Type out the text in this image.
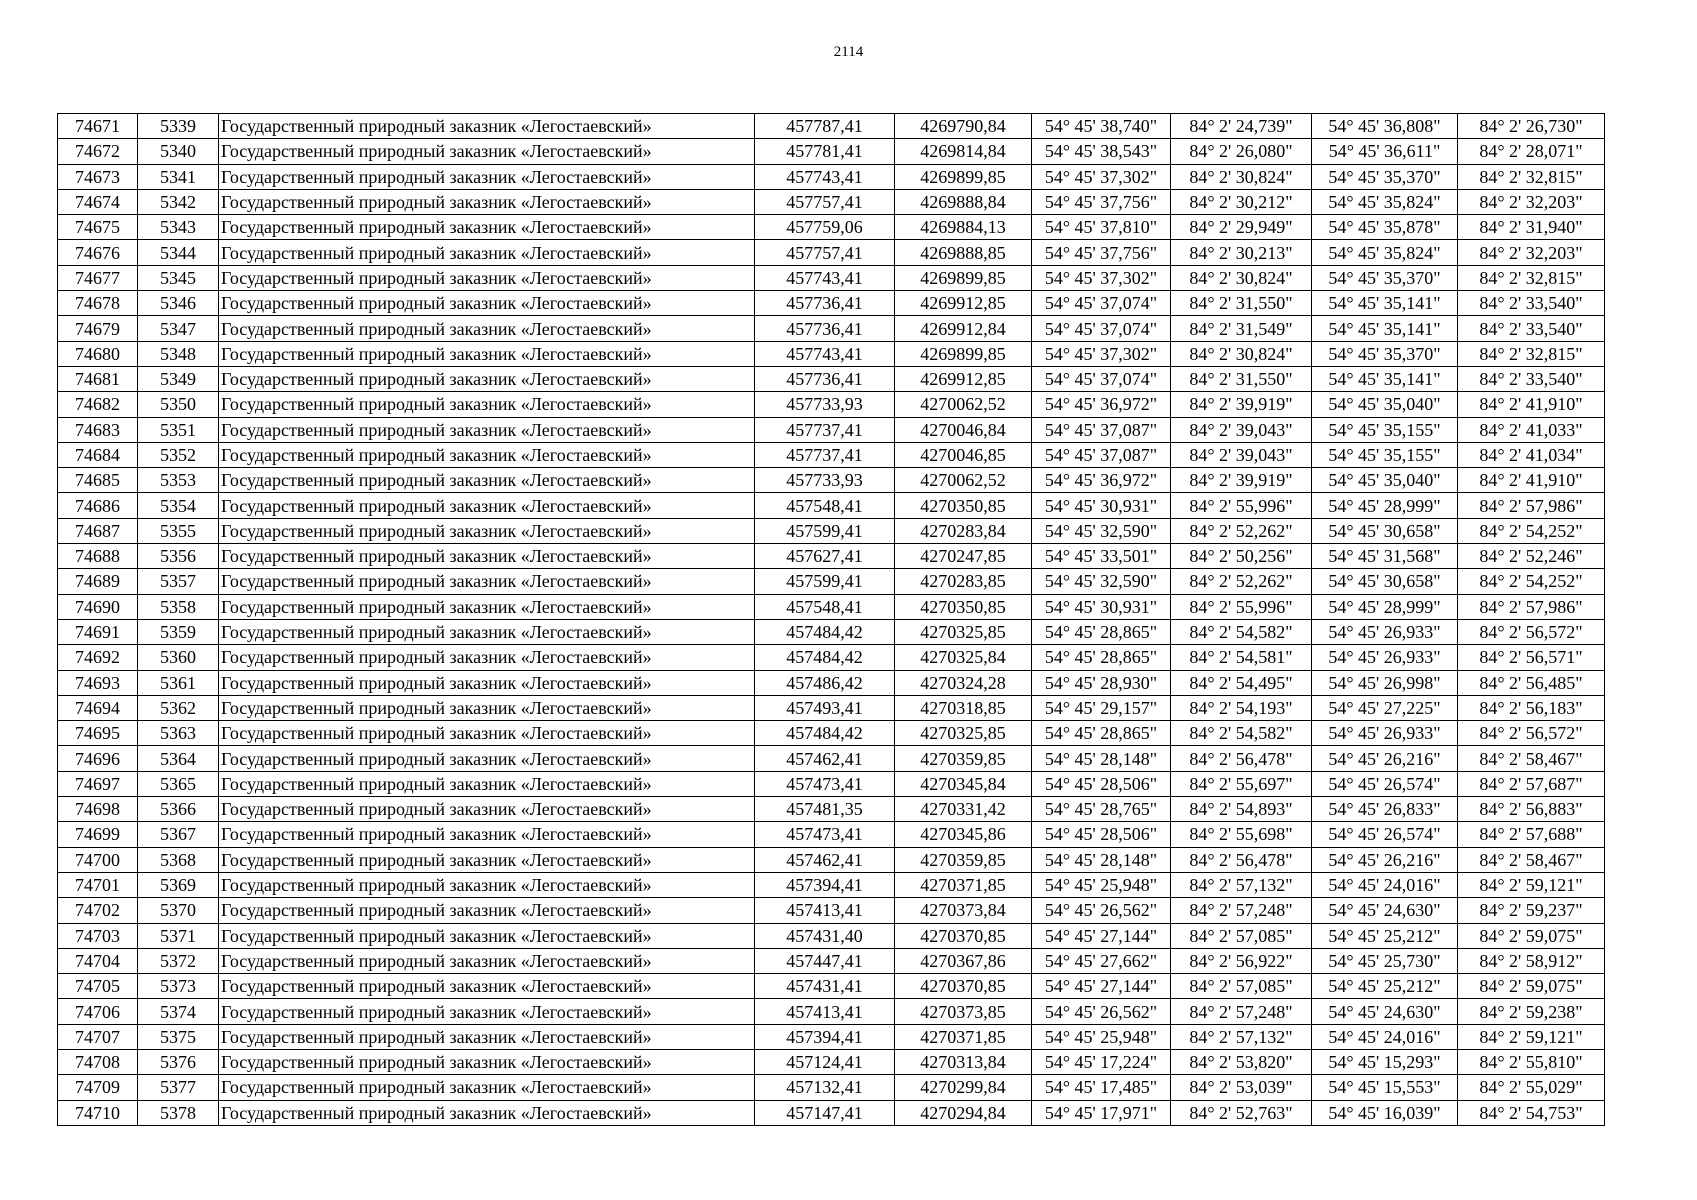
2114
74671	5339	Государственный природный заказник «Легостаевский»	457787,41	4269790,84	54° 45' 38,740"	84° 2' 24,739"	54° 45' 36,808"	84° 2' 26,730"
74672	5340	Государственный природный заказник «Легостаевский»	457781,41	4269814,84	54° 45' 38,543"	84° 2' 26,080"	54° 45' 36,611"	84° 2' 28,071"
74673	5341	Государственный природный заказник «Легостаевский»	457743,41	4269899,85	54° 45' 37,302"	84° 2' 30,824"	54° 45' 35,370"	84° 2' 32,815"
74674	5342	Государственный природный заказник «Легостаевский»	457757,41	4269888,84	54° 45' 37,756"	84° 2' 30,212"	54° 45' 35,824"	84° 2' 32,203"
74675	5343	Государственный природный заказник «Легостаевский»	457759,06	4269884,13	54° 45' 37,810"	84° 2' 29,949"	54° 45' 35,878"	84° 2' 31,940"
74676	5344	Государственный природный заказник «Легостаевский»	457757,41	4269888,85	54° 45' 37,756"	84° 2' 30,213"	54° 45' 35,824"	84° 2' 32,203"
74677	5345	Государственный природный заказник «Легостаевский»	457743,41	4269899,85	54° 45' 37,302"	84° 2' 30,824"	54° 45' 35,370"	84° 2' 32,815"
74678	5346	Государственный природный заказник «Легостаевский»	457736,41	4269912,85	54° 45' 37,074"	84° 2' 31,550"	54° 45' 35,141"	84° 2' 33,540"
74679	5347	Государственный природный заказник «Легостаевский»	457736,41	4269912,84	54° 45' 37,074"	84° 2' 31,549"	54° 45' 35,141"	84° 2' 33,540"
74680	5348	Государственный природный заказник «Легостаевский»	457743,41	4269899,85	54° 45' 37,302"	84° 2' 30,824"	54° 45' 35,370"	84° 2' 32,815"
74681	5349	Государственный природный заказник «Легостаевский»	457736,41	4269912,85	54° 45' 37,074"	84° 2' 31,550"	54° 45' 35,141"	84° 2' 33,540"
74682	5350	Государственный природный заказник «Легостаевский»	457733,93	4270062,52	54° 45' 36,972"	84° 2' 39,919"	54° 45' 35,040"	84° 2' 41,910"
74683	5351	Государственный природный заказник «Легостаевский»	457737,41	4270046,84	54° 45' 37,087"	84° 2' 39,043"	54° 45' 35,155"	84° 2' 41,033"
74684	5352	Государственный природный заказник «Легостаевский»	457737,41	4270046,85	54° 45' 37,087"	84° 2' 39,043"	54° 45' 35,155"	84° 2' 41,034"
74685	5353	Государственный природный заказник «Легостаевский»	457733,93	4270062,52	54° 45' 36,972"	84° 2' 39,919"	54° 45' 35,040"	84° 2' 41,910"
74686	5354	Государственный природный заказник «Легостаевский»	457548,41	4270350,85	54° 45' 30,931"	84° 2' 55,996"	54° 45' 28,999"	84° 2' 57,986"
74687	5355	Государственный природный заказник «Легостаевский»	457599,41	4270283,84	54° 45' 32,590"	84° 2' 52,262"	54° 45' 30,658"	84° 2' 54,252"
74688	5356	Государственный природный заказник «Легостаевский»	457627,41	4270247,85	54° 45' 33,501"	84° 2' 50,256"	54° 45' 31,568"	84° 2' 52,246"
74689	5357	Государственный природный заказник «Легостаевский»	457599,41	4270283,85	54° 45' 32,590"	84° 2' 52,262"	54° 45' 30,658"	84° 2' 54,252"
74690	5358	Государственный природный заказник «Легостаевский»	457548,41	4270350,85	54° 45' 30,931"	84° 2' 55,996"	54° 45' 28,999"	84° 2' 57,986"
74691	5359	Государственный природный заказник «Легостаевский»	457484,42	4270325,85	54° 45' 28,865"	84° 2' 54,582"	54° 45' 26,933"	84° 2' 56,572"
74692	5360	Государственный природный заказник «Легостаевский»	457484,42	4270325,84	54° 45' 28,865"	84° 2' 54,581"	54° 45' 26,933"	84° 2' 56,571"
74693	5361	Государственный природный заказник «Легостаевский»	457486,42	4270324,28	54° 45' 28,930"	84° 2' 54,495"	54° 45' 26,998"	84° 2' 56,485"
74694	5362	Государственный природный заказник «Легостаевский»	457493,41	4270318,85	54° 45' 29,157"	84° 2' 54,193"	54° 45' 27,225"	84° 2' 56,183"
74695	5363	Государственный природный заказник «Легостаевский»	457484,42	4270325,85	54° 45' 28,865"	84° 2' 54,582"	54° 45' 26,933"	84° 2' 56,572"
74696	5364	Государственный природный заказник «Легостаевский»	457462,41	4270359,85	54° 45' 28,148"	84° 2' 56,478"	54° 45' 26,216"	84° 2' 58,467"
74697	5365	Государственный природный заказник «Легостаевский»	457473,41	4270345,84	54° 45' 28,506"	84° 2' 55,697"	54° 45' 26,574"	84° 2' 57,687"
74698	5366	Государственный природный заказник «Легостаевский»	457481,35	4270331,42	54° 45' 28,765"	84° 2' 54,893"	54° 45' 26,833"	84° 2' 56,883"
74699	5367	Государственный природный заказник «Легостаевский»	457473,41	4270345,86	54° 45' 28,506"	84° 2' 55,698"	54° 45' 26,574"	84° 2' 57,688"
74700	5368	Государственный природный заказник «Легостаевский»	457462,41	4270359,85	54° 45' 28,148"	84° 2' 56,478"	54° 45' 26,216"	84° 2' 58,467"
74701	5369	Государственный природный заказник «Легостаевский»	457394,41	4270371,85	54° 45' 25,948"	84° 2' 57,132"	54° 45' 24,016"	84° 2' 59,121"
74702	5370	Государственный природный заказник «Легостаевский»	457413,41	4270373,84	54° 45' 26,562"	84° 2' 57,248"	54° 45' 24,630"	84° 2' 59,237"
74703	5371	Государственный природный заказник «Легостаевский»	457431,40	4270370,85	54° 45' 27,144"	84° 2' 57,085"	54° 45' 25,212"	84° 2' 59,075"
74704	5372	Государственный природный заказник «Легостаевский»	457447,41	4270367,86	54° 45' 27,662"	84° 2' 56,922"	54° 45' 25,730"	84° 2' 58,912"
74705	5373	Государственный природный заказник «Легостаевский»	457431,41	4270370,85	54° 45' 27,144"	84° 2' 57,085"	54° 45' 25,212"	84° 2' 59,075"
74706	5374	Государственный природный заказник «Легостаевский»	457413,41	4270373,85	54° 45' 26,562"	84° 2' 57,248"	54° 45' 24,630"	84° 2' 59,238"
74707	5375	Государственный природный заказник «Легостаевский»	457394,41	4270371,85	54° 45' 25,948"	84° 2' 57,132"	54° 45' 24,016"	84° 2' 59,121"
74708	5376	Государственный природный заказник «Легостаевский»	457124,41	4270313,84	54° 45' 17,224"	84° 2' 53,820"	54° 45' 15,293"	84° 2' 55,810"
74709	5377	Государственный природный заказник «Легостаевский»	457132,41	4270299,84	54° 45' 17,485"	84° 2' 53,039"	54° 45' 15,553"	84° 2' 55,029"
74710	5378	Государственный природный заказник «Легостаевский»	457147,41	4270294,84	54° 45' 17,971"	84° 2' 52,763"	54° 45' 16,039"	84° 2' 54,753"
